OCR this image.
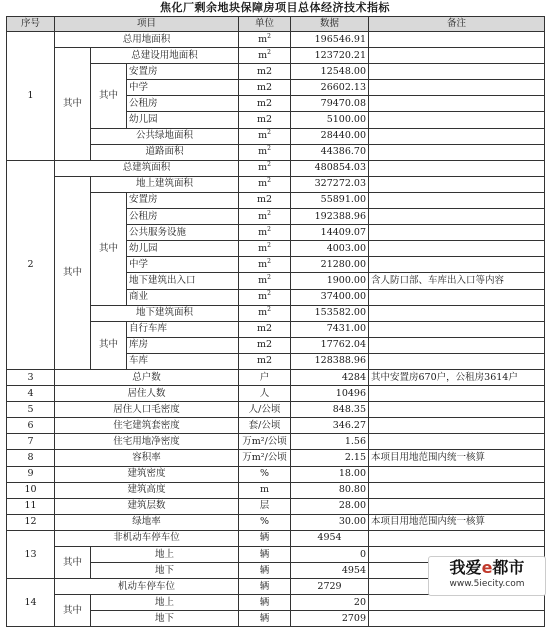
焦化厂剩余地块保障房项目总体经济技术指标
序号	项目			单位	数据	备注
1	总用地面积			$m^2$	196546.91	
	其中	总建设用地面积		$m^2$	123720.21	
		其中	安置房	m2	12548.00	
			中学	m2	26602.13	
			公租房	m2	79470.08	
			幼儿园	m2	5100.00	
		公共绿地面积		$m^2$	28440.00	
		道路面积		$m^2$	44386.70	
2	总建筑面积			$m^2$	480854.03	
	其中	地上建筑面积		$m^2$	327272.03	
		其中	安置房	m2	55891.00	
			公租房	$m^2$	192388.96	
			公共服务设施	$m^2$	14409.07	
			幼儿园	$m^2$	4003.00	
			中学	$m^2$	21280.00	
			地下建筑出入口	$m^2$	1900.00	含人防口部、车库出入口等内容
			商业	$m^2$	37400.00	
		地下建筑面积		$m^2$	153582.00	
		其中	自行车库	m2	7431.00	
			库房	m2	17762.04	
			车库	m2	128388.96	
3	总户数			户	4284	其中安置房670户，公租房3614户
4	居住人数			人	10496	
5	居住人口毛密度			人/公顷	848.35	
6	住宅建筑套密度			套/公顷	346.27	
7	住宅用地净密度			万m²/公顷	1.56	
8	容积率			万m²/公顷	2.15	本项目用地范围内统一核算
9	建筑密度			%	18.00	
10	建筑高度			m	80.80	
11	建筑层数			层	28.00	
12	绿地率			%	30.00	本项目用地范围内统一核算
13	非机动车停车位			辆	4954	
	其中	地上		辆	0	
		地下		辆	4954	
14	机动车停车位			辆	2729	
	其中	地上		辆	20	
		地下		辆	2709	
我爱e都市
www.5iecity.com
